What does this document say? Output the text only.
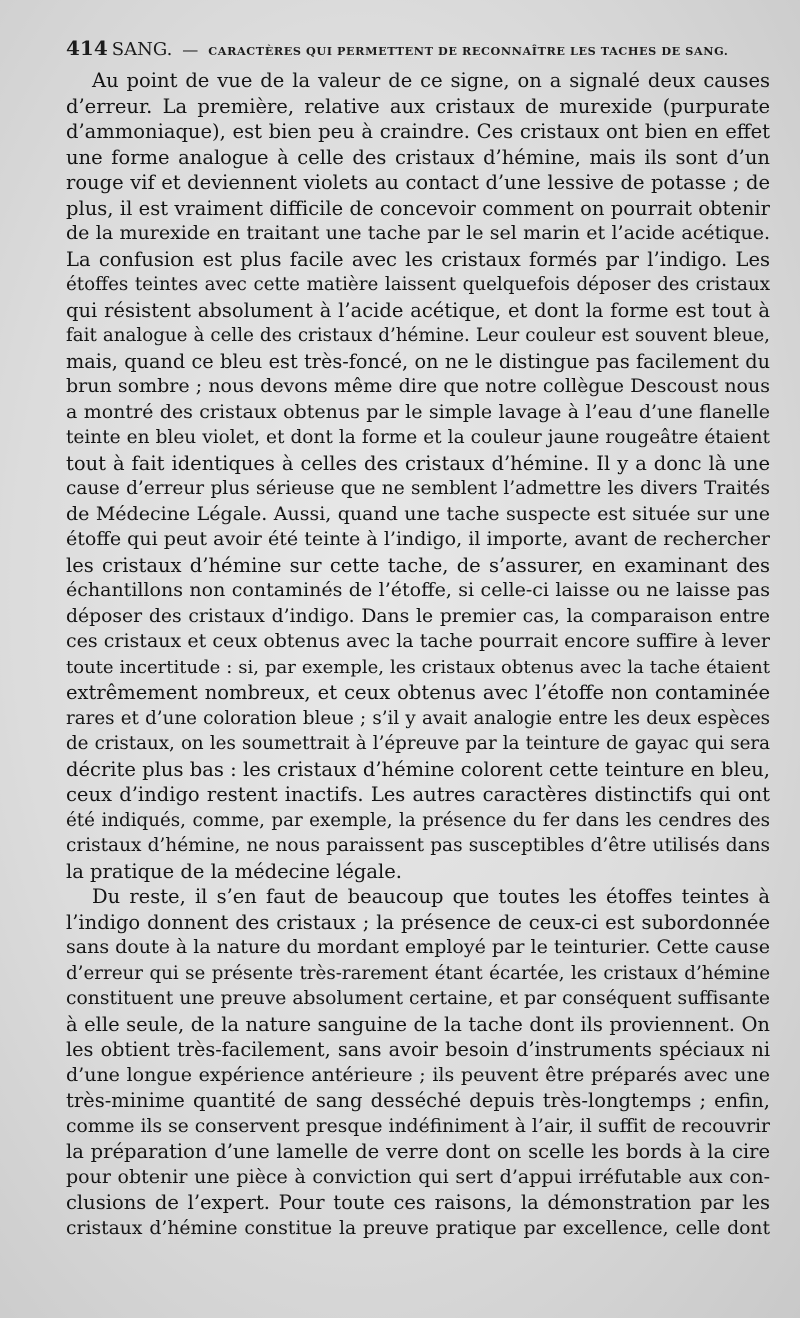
414 SANG. — CARACTÈRES QUI PERMETTENT DE RECONNAÎTRE LES TACHES DE SANG.
Au point de vue de la valeur de ce signe, on a signalé deux causes
d’erreur. La première, relative aux cristaux de murexide (purpurate
d’ammoniaque), est bien peu à craindre. Ces cristaux ont bien en effet
une forme analogue à celle des cristaux d’hémine, mais ils sont d’un
rouge vif et deviennent violets au contact d’une lessive de potasse ; de
plus, il est vraiment difficile de concevoir comment on pourrait obtenir
de la murexide en traitant une tache par le sel marin et l’acide acétique.
La confusion est plus facile avec les cristaux formés par l’indigo. Les
étoffes teintes avec cette matière laissent quelquefois déposer des cristaux
qui résistent absolument à l’acide acétique, et dont la forme est tout à
fait analogue à celle des cristaux d’hémine. Leur couleur est souvent bleue,
mais, quand ce bleu est très-foncé, on ne le distingue pas facilement du
brun sombre ; nous devons même dire que notre collègue Descoust nous
a montré des cristaux obtenus par le simple lavage à l’eau d’une flanelle
teinte en bleu violet, et dont la forme et la couleur jaune rougeâtre étaient
tout à fait identiques à celles des cristaux d’hémine. Il y a donc là une
cause d’erreur plus sérieuse que ne semblent l’admettre les divers Traités
de Médecine Légale. Aussi, quand une tache suspecte est située sur une
étoffe qui peut avoir été teinte à l’indigo, il importe, avant de rechercher
les cristaux d’hémine sur cette tache, de s’assurer, en examinant des
échantillons non contaminés de l’étoffe, si celle-ci laisse ou ne laisse pas
déposer des cristaux d’indigo. Dans le premier cas, la comparaison entre
ces cristaux et ceux obtenus avec la tache pourrait encore suffire à lever
toute incertitude : si, par exemple, les cristaux obtenus avec la tache étaient
extrêmement nombreux, et ceux obtenus avec l’étoffe non contaminée
rares et d’une coloration bleue ; s’il y avait analogie entre les deux espèces
de cristaux, on les soumettrait à l’épreuve par la teinture de gayac qui sera
décrite plus bas : les cristaux d’hémine colorent cette teinture en bleu,
ceux d’indigo restent inactifs. Les autres caractères distinctifs qui ont
été indiqués, comme, par exemple, la présence du fer dans les cendres des
cristaux d’hémine, ne nous paraissent pas susceptibles d’être utilisés dans
la pratique de la médecine légale.
Du reste, il s’en faut de beaucoup que toutes les étoffes teintes à
l’indigo donnent des cristaux ; la présence de ceux-ci est subordonnée
sans doute à la nature du mordant employé par le teinturier. Cette cause
d’erreur qui se présente très-rarement étant écartée, les cristaux d’hémine
constituent une preuve absolument certaine, et par conséquent suffisante
à elle seule, de la nature sanguine de la tache dont ils proviennent. On
les obtient très-facilement, sans avoir besoin d’instruments spéciaux ni
d’une longue expérience antérieure ; ils peuvent être préparés avec une
très-minime quantité de sang desséché depuis très-longtemps ; enfin,
comme ils se conservent presque indéfiniment à l’air, il suffit de recouvrir
la préparation d’une lamelle de verre dont on scelle les bords à la cire
pour obtenir une pièce à conviction qui sert d’appui irréfutable aux con-
clusions de l’expert. Pour toute ces raisons, la démonstration par les
cristaux d’hémine constitue la preuve pratique par excellence, celle dont
